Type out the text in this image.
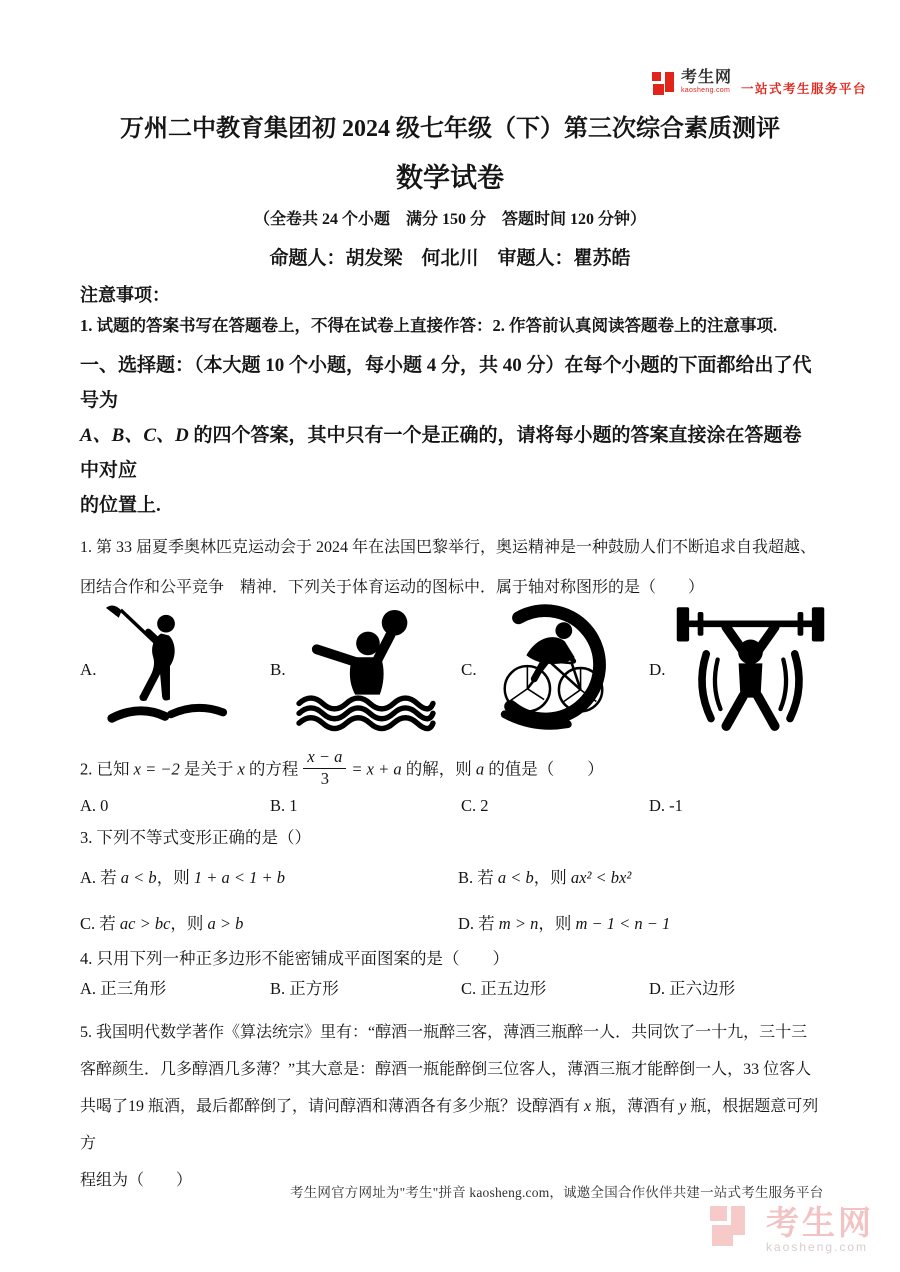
考生网
kaosheng.com 一站式考生服务平台
万州二中教育集团初 2024 级七年级（下）第三次综合素质测评
数学试卷
（全卷共 24 个小题　满分 150 分　答题时间 120 分钟）
命题人：胡发梁　何北川　审题人：瞿苏皓
注意事项：
1. 试题的答案书写在答题卷上，不得在试卷上直接作答：2. 作答前认真阅读答题卷上的注意事项.
一、选择题：（本大题 10 个小题，每小题 4 分，共 40 分）在每个小题的下面都给出了代号为
A、B、C、D 的四个答案，其中只有一个是正确的，请将每小题的答案直接涂在答题卷中对应
的位置上.
1. 第 33 届夏季奥林匹克运动会于 2024 年在法国巴黎举行，奥运精神是一种鼓励人们不断追求自我超越、
团结合作和公平竞争　精神．下列关于体育运动的图标中．属于轴对称图形的是（　　）
A.	B.	C.	D.
2. 已知 x = −2 是关于 x 的方程 $\frac{x - a}{3} = x + a$ 的解，则 a 的值是（　　）
A. 0	B. 1	C. 2	D. -1
3. 下列不等式变形正确的是（）
A. 若 a < b，则 1 + a < 1 + b	B. 若 a < b，则 ax² < bx²
C. 若 ac > bc，则 a > b	D. 若 m > n，则 m − 1 < n − 1
4. 只用下列一种正多边形不能密铺成平面图案的是（　　）
A. 正三角形	B. 正方形	C. 正五边形	D. 正六边形
5. 我国明代数学著作《算法统宗》里有：“醇酒一瓶醉三客，薄酒三瓶醉一人．共同饮了一十九，三十三
客醉颜生．几多醇酒几多薄？”其大意是：醇酒一瓶能醉倒三位客人，薄酒三瓶才能醉倒一人，33 位客人
共喝了19 瓶酒，最后都醉倒了，请问醇酒和薄酒各有多少瓶？设醇酒有 x 瓶，薄酒有 y 瓶，根据题意可列方
程组为（　　）
考生网官方网址为"考生"拼音 kaosheng.com，诚邀全国合作伙伴共建一站式考生服务平台
考生网
kaosheng.com
